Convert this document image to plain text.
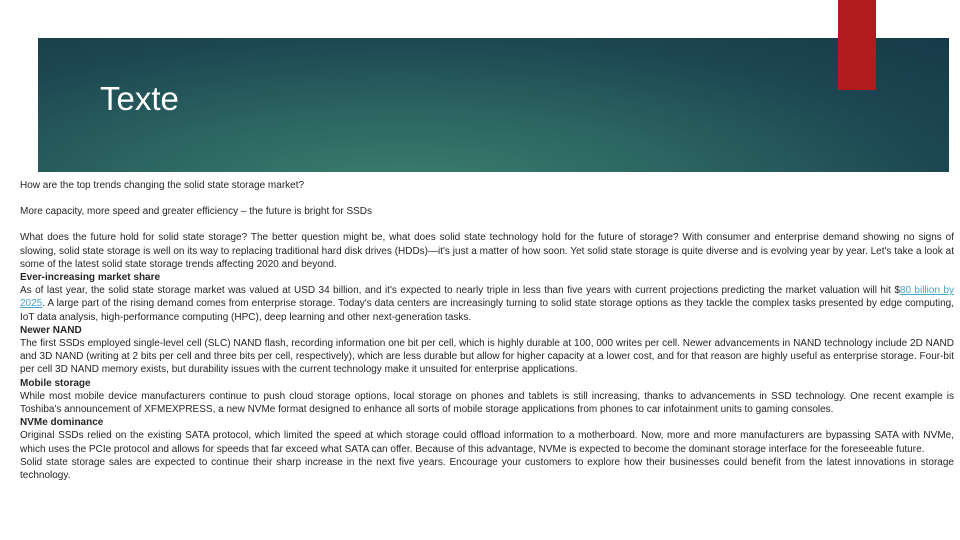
Texte

How are the top trends changing the solid state storage market?

More capacity, more speed and greater efficiency – the future is bright for SSDs

What does the future hold for solid state storage? The better question might be, what does solid state technology hold for the future of storage? With consumer and enterprise demand showing no signs of slowing, solid state storage is well on its way to replacing traditional hard disk drives (HDDs)—it's just a matter of how soon. Yet solid state storage is quite diverse and is evolving year by year. Let's take a look at some of the latest solid state storage trends affecting 2020 and beyond.

Ever-increasing market share

As of last year, the solid state storage market was valued at USD 34 billion, and it's expected to nearly triple in less than five years with current projections predicting the market valuation will hit $80 billion by 2025. A large part of the rising demand comes from enterprise storage. Today's data centers are increasingly turning to solid state storage options as they tackle the complex tasks presented by edge computing, IoT data analysis, high-performance computing (HPC), deep learning and other next-generation tasks.

Newer NAND

The first SSDs employed single-level cell (SLC) NAND flash, recording information one bit per cell, which is highly durable at 100, 000 writes per cell. Newer advancements in NAND technology include 2D NAND and 3D NAND (writing at 2 bits per cell and three bits per cell, respectively), which are less durable but allow for higher capacity at a lower cost, and for that reason are highly useful as enterprise storage. Four-bit per cell 3D NAND memory exists, but durability issues with the current technology make it unsuited for enterprise applications.

Mobile storage

While most mobile device manufacturers continue to push cloud storage options, local storage on phones and tablets is still increasing, thanks to advancements in SSD technology. One recent example is Toshiba's announcement of XFMEXPRESS, a new NVMe format designed to enhance all sorts of mobile storage applications from phones to car infotainment units to gaming consoles.

NVMe dominance

Original SSDs relied on the existing SATA protocol, which limited the speed at which storage could offload information to a motherboard. Now, more and more manufacturers are bypassing SATA with NVMe, which uses the PCIe protocol and allows for speeds that far exceed what SATA can offer. Because of this advantage, NVMe is expected to become the dominant storage interface for the foreseeable future.

Solid state storage sales are expected to continue their sharp increase in the next five years. Encourage your customers to explore how their businesses could benefit from the latest innovations in storage technology.
